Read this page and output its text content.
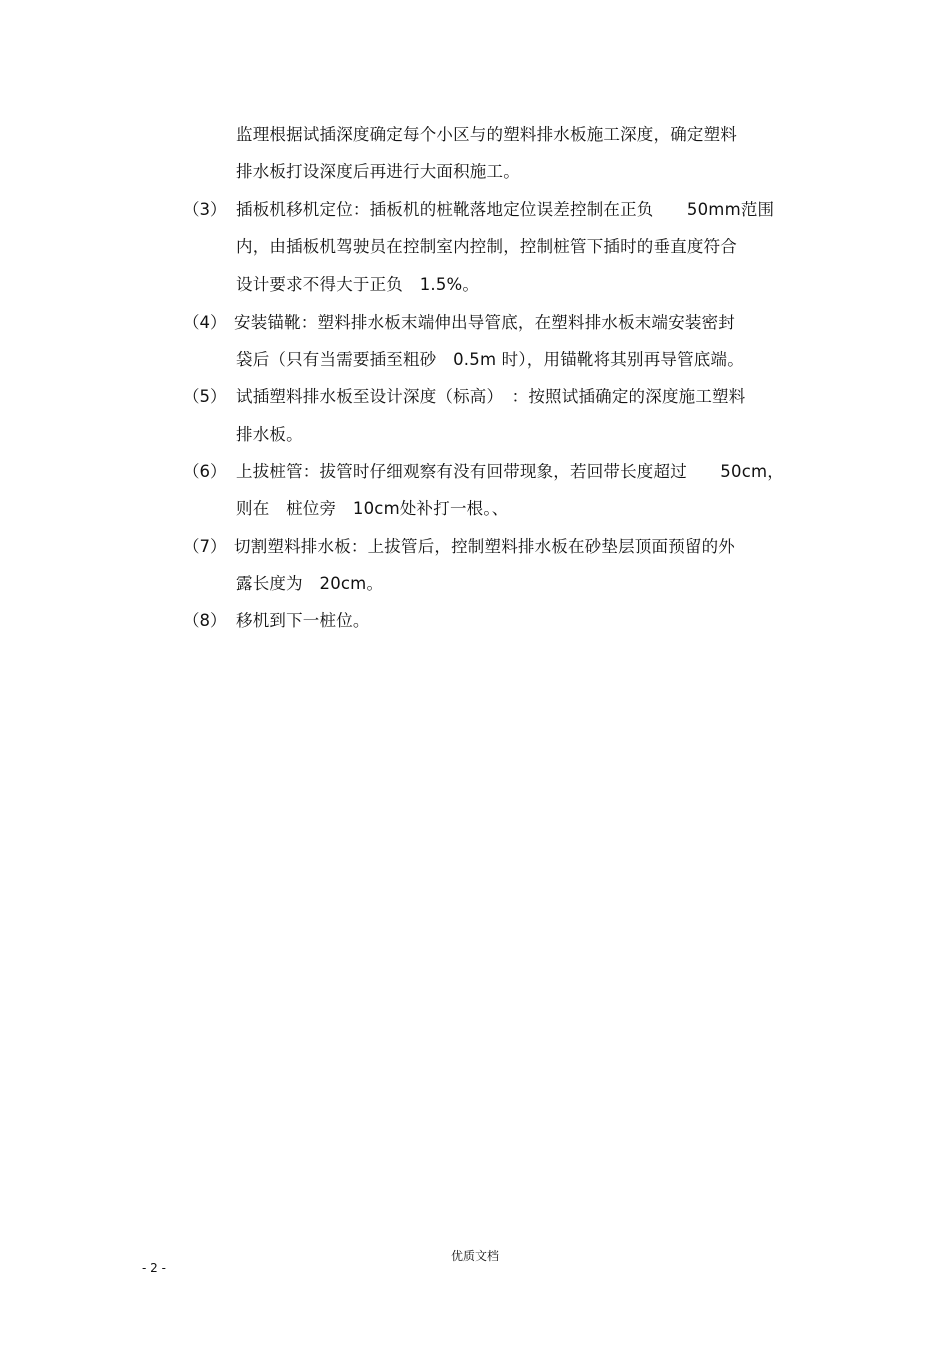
监理根据试插深度确定每个小区与的塑料排水板施工深度，确定塑料
排水板打设深度后再进行大面积施工。
（3） 插板机移机定位：插板机的桩靴落地定位误差控制在正负　　50mm范围
内，由插板机驾驶员在控制室内控制，控制桩管下插时的垂直度符合
设计要求不得大于正负　1.5%。
（4） 安装锚靴：塑料排水板末端伸出导管底，在塑料排水板末端安装密封
袋后（只有当需要插至粗砂　0.5m 时），用锚靴将其别再导管底端。
（5） 试插塑料排水板至设计深度（标高）　：按照试插确定的深度施工塑料
排水板。
（6） 上拔桩管：拔管时仔细观察有没有回带现象，若回带长度超过　　50cm，
则在　桩位旁　10cm处补打一根。、
（7） 切割塑料排水板：上拔管后，控制塑料排水板在砂垫层顶面预留的外
露长度为　20cm。
（8） 移机到下一桩位。
优质文档
- 2 -
